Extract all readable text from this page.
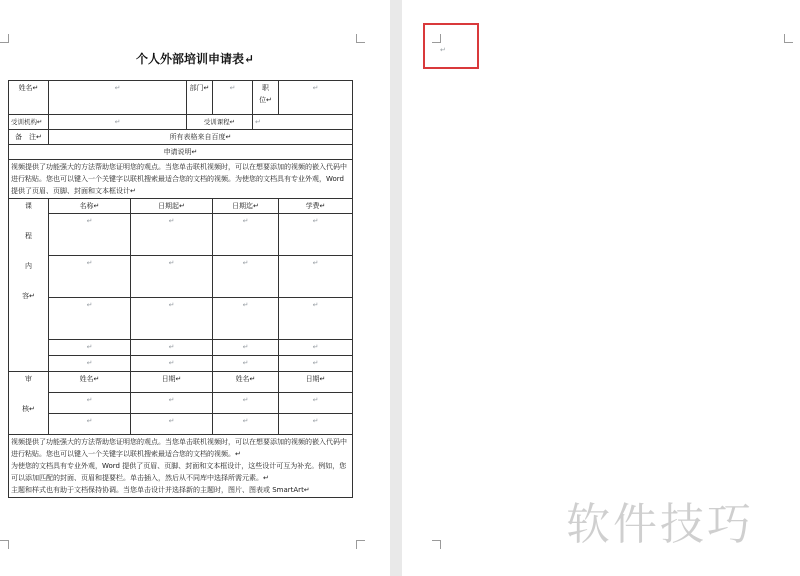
个人外部培训申请表↵
姓名↵	↵		部门↵	↵	职
位↵	↵
受训机构↵	↵		受训课程↵		↵	
备　注↵	所有表格来自百度↵					
申请说明↵						
视频提供了功能强大的方法帮助您证明您的观点。当您单击联机视频时，可以在想要添加的视频的嵌入代码中进行粘贴。您也可以键入一个关键字以联机搜索最适合您的文档的视频。为使您的文档具有专业外观，Word 提供了页眉、页脚、封面和文本框设计↵						

课
程
内
容↵	名称↵	日期起↵		日期迄↵		学费↵
	↵	↵		↵		↵
	↵	↵		↵		↵
	↵	↵		↵		↵
	↵	↵		↵		↵
	↵	↵		↵		↵

审
核↵	姓名↵	日期↵		姓名↵		日期↵
	↵	↵		↵		↵
	↵	↵		↵		↵

视频提供了功能强大的方法帮助您证明您的观点。当您单击联机视频时，可以在想要添加的视频的嵌入代码中进行粘贴。您也可以键入一个关键字以联机搜索最适合您的文档的视频。↵
为使您的文档具有专业外观，Word 提供了页眉、页脚、封面和文本框设计，这些设计可互为补充。例如，您可以添加匹配的封面、页眉和提要栏。单击插入，然后从不同库中选择所需元素。↵
主题和样式也有助于文档保持协调。当您单击设计并选择新的主题时，图片、图表或 SmartArt↵						
↵
软件技巧
